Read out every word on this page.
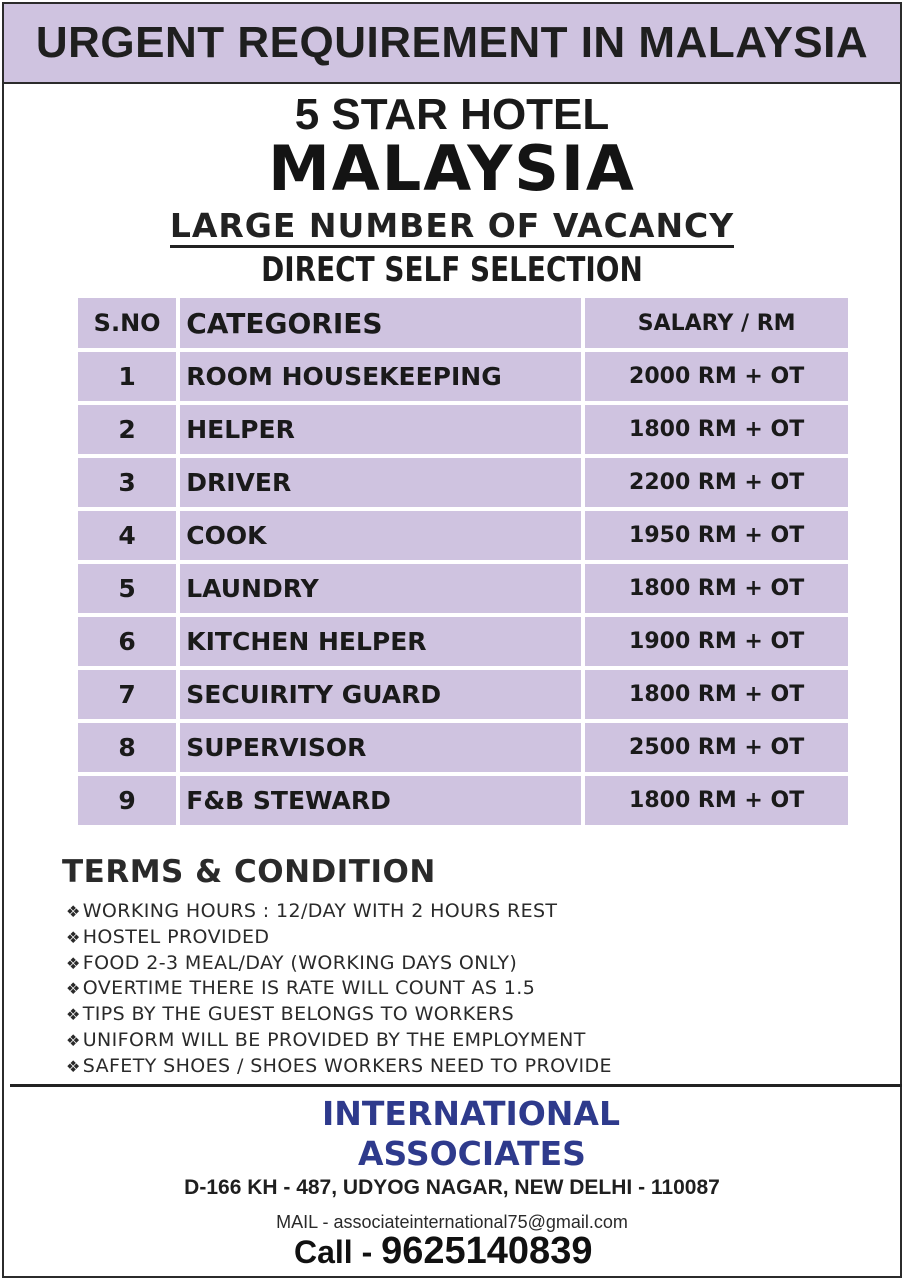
URGENT REQUIREMENT IN MALAYSIA
5 STAR HOTEL
MALAYSIA
LARGE NUMBER OF VACANCY
DIRECT SELF SELECTION
S.NO	CATEGORIES	SALARY / RM
1	ROOM HOUSEKEEPING	2000 RM + OT
2	HELPER	1800 RM + OT
3	DRIVER	2200 RM + OT
4	COOK	1950 RM + OT
5	LAUNDRY	1800 RM + OT
6	KITCHEN HELPER	1900 RM + OT
7	SECUIRITY GUARD	1800 RM + OT
8	SUPERVISOR	2500 RM + OT
9	F&B STEWARD	1800 RM + OT
TERMS & CONDITION
❖ WORKING HOURS : 12/DAY WITH 2 HOURS REST
❖ HOSTEL PROVIDED
❖ FOOD 2-3 MEAL/DAY (WORKING DAYS ONLY)
❖ OVERTIME THERE IS RATE WILL COUNT AS 1.5
❖ TIPS BY THE GUEST BELONGS TO WORKERS
❖ UNIFORM WILL BE PROVIDED BY THE EMPLOYMENT
❖ SAFETY SHOES / SHOES WORKERS NEED TO PROVIDE
INTERNATIONAL
ASSOCIATES
D-166 KH - 487, UDYOG NAGAR, NEW DELHI - 110087
MAIL - associateinternational75@gmail.com
Call - 9625140839
